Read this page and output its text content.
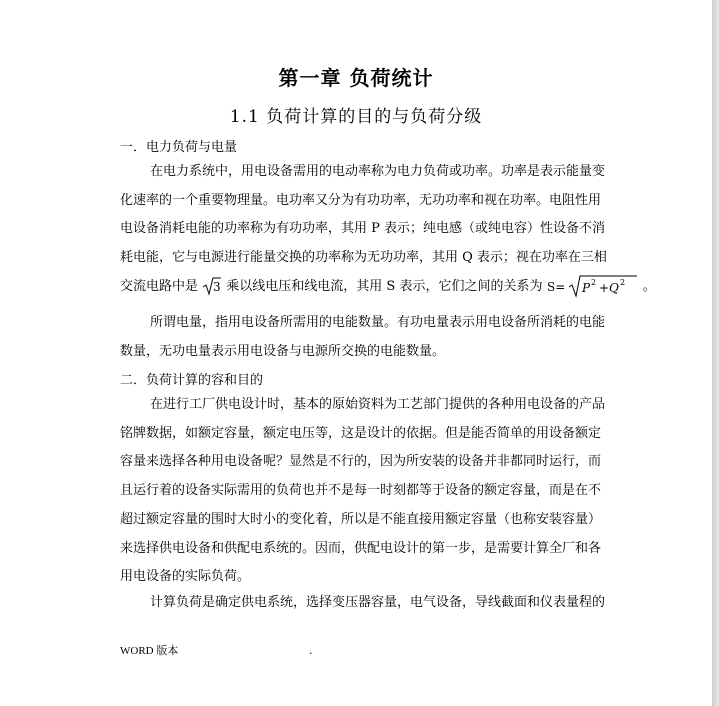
第一章 负荷统计
1.1 负荷计算的目的与负荷分级
一．电力负荷与电量
在电力系统中，用电设备需用的电动率称为电力负荷或功率。功率是表示能量变
化速率的一个重要物理量。电功率又分为有功功率，无功功率和视在功率。电阻性用
电设备消耗电能的功率称为有功功率，其用 P 表示；纯电感（或纯电容）性设备不消
耗电能，它与电源进行能量交换的功率称为无功功率，其用 Q 表示；视在功率在三相
交流电路中是 3 乘以线电压和线电流，其用 S 表示，它们之间的关系为 S= P 2 + Q 2 。
所谓电量，指用电设备所需用的电能数量。有功电量表示用电设备所消耗的电能
数量，无功电量表示用电设备与电源所交换的电能数量。
二．负荷计算的容和目的
在进行工厂供电设计时，基本的原始资料为工艺部门提供的各种用电设备的产品
铭牌数据，如额定容量，额定电压等，这是设计的依据。但是能否简单的用设备额定
容量来选择各种用电设备呢？显然是不行的，因为所安装的设备并非都同时运行，而
且运行着的设备实际需用的负荷也并不是每一时刻都等于设备的额定容量，而是在不
超过额定容量的围时大时小的变化着，所以是不能直接用额定容量（也称安装容量）
来选择供电设备和供配电系统的。因而，供配电设计的第一步，是需要计算全厂和各
用电设备的实际负荷。
计算负荷是确定供电系统，选择变压器容量，电气设备，导线截面和仪表量程的
WORD 版本	.
